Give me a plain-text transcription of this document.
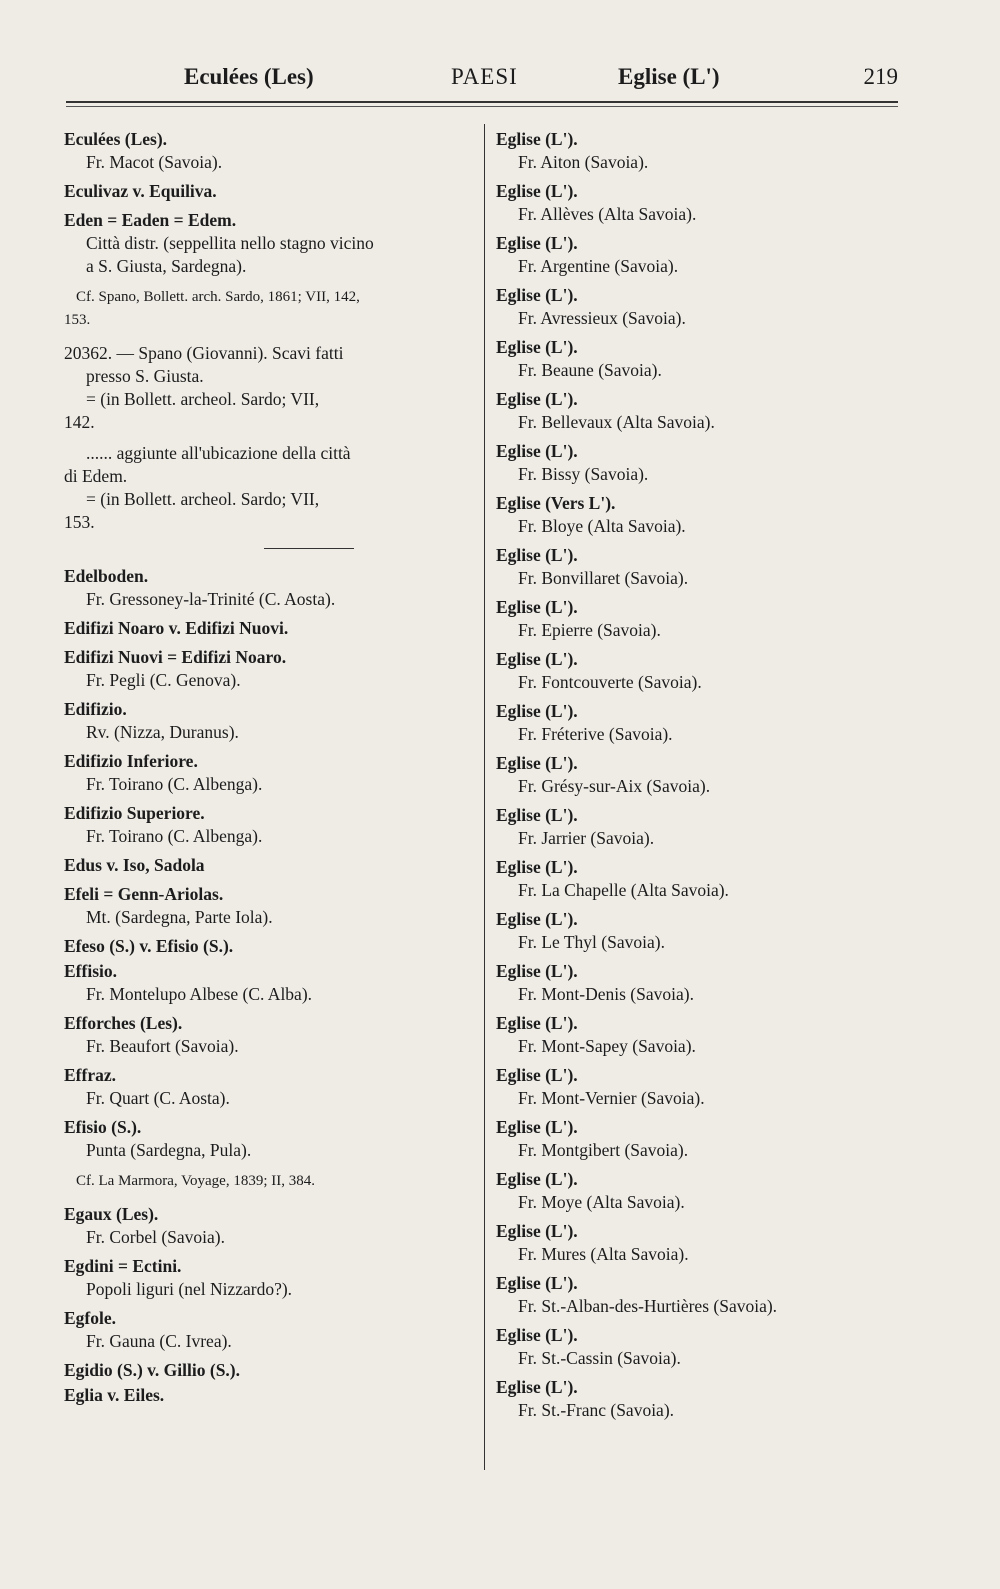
Eculées (Les)	PAESI	Eglise (L')	219
Eculées (Les).
Fr. Macot (Savoia).
Eculivaz v. Equiliva.
Eden = Eaden = Edem.
Città distr. (seppellita nello stagno vicino
a S. Giusta, Sardegna).
Cf. Spano, Bollett. arch. Sardo, 1861; VII, 142,
153.
20362. — Spano (Giovanni). Scavi fatti
presso S. Giusta.
= (in Bollett. archeol. Sardo; VII,
142.
...... aggiunte all'ubicazione della città
di Edem.
= (in Bollett. archeol. Sardo; VII,
153.
Edelboden.
Fr. Gressoney-la-Trinité (C. Aosta).
Edifizi Noaro v. Edifizi Nuovi.
Edifizi Nuovi = Edifizi Noaro.
Fr. Pegli (C. Genova).
Edifizio.
Rv. (Nizza, Duranus).
Edifizio Inferiore.
Fr. Toirano (C. Albenga).
Edifizio Superiore.
Fr. Toirano (C. Albenga).
Edus v. Iso, Sadola
Efeli = Genn-Ariolas.
Mt. (Sardegna, Parte Iola).
Efeso (S.) v. Efisio (S.).
Effisio.
Fr. Montelupo Albese (C. Alba).
Efforches (Les).
Fr. Beaufort (Savoia).
Effraz.
Fr. Quart (C. Aosta).
Efisio (S.).
Punta (Sardegna, Pula).
Cf. La Marmora, Voyage, 1839; II, 384.
Egaux (Les).
Fr. Corbel (Savoia).
Egdini = Ectini.
Popoli liguri (nel Nizzardo?).
Egfole.
Fr. Gauna (C. Ivrea).
Egidio (S.) v. Gillio (S.).
Eglia v. Eiles.
Eglise (L').
Fr. Aiton (Savoia).
Eglise (L').
Fr. Allèves (Alta Savoia).
Eglise (L').
Fr. Argentine (Savoia).
Eglise (L').
Fr. Avressieux (Savoia).
Eglise (L').
Fr. Beaune (Savoia).
Eglise (L').
Fr. Bellevaux (Alta Savoia).
Eglise (L').
Fr. Bissy (Savoia).
Eglise (Vers L').
Fr. Bloye (Alta Savoia).
Eglise (L').
Fr. Bonvillaret (Savoia).
Eglise (L').
Fr. Epierre (Savoia).
Eglise (L').
Fr. Fontcouverte (Savoia).
Eglise (L').
Fr. Fréterive (Savoia).
Eglise (L').
Fr. Grésy-sur-Aix (Savoia).
Eglise (L').
Fr. Jarrier (Savoia).
Eglise (L').
Fr. La Chapelle (Alta Savoia).
Eglise (L').
Fr. Le Thyl (Savoia).
Eglise (L').
Fr. Mont-Denis (Savoia).
Eglise (L').
Fr. Mont-Sapey (Savoia).
Eglise (L').
Fr. Mont-Vernier (Savoia).
Eglise (L').
Fr. Montgibert (Savoia).
Eglise (L').
Fr. Moye (Alta Savoia).
Eglise (L').
Fr. Mures (Alta Savoia).
Eglise (L').
Fr. St.-Alban-des-Hurtières (Savoia).
Eglise (L').
Fr. St.-Cassin (Savoia).
Eglise (L').
Fr. St.-Franc (Savoia).
